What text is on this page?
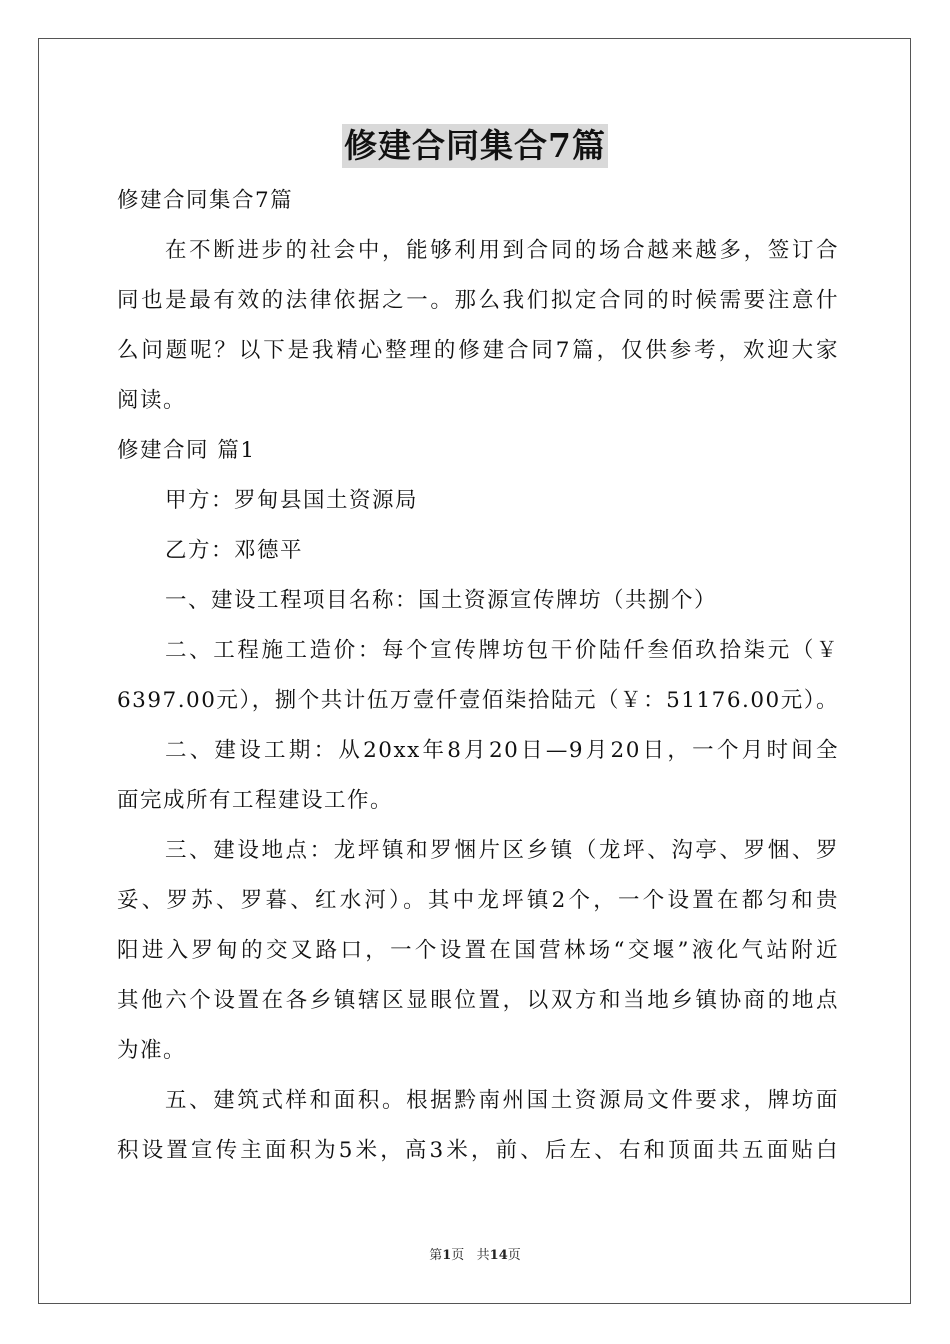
修建合同集合7篇
修建合同集合7篇
在不断进步的社会中，能够利用到合同的场合越来越多，签订合
同也是最有效的法律依据之一。那么我们拟定合同的时候需要注意什
么问题呢？以下是我精心整理的修建合同7篇，仅供参考，欢迎大家
阅读。
修建合同 篇1
甲方：罗甸县国土资源局
乙方：邓德平
一、建设工程项目名称：国土资源宣传牌坊（共捌个）
二、工程施工造价：每个宣传牌坊包干价陆仟叁佰玖拾柒元（￥
6397.00元），捌个共计伍万壹仟壹佰柒拾陆元（￥：51176.00元）。
二、建设工期：从20xx年8月20日—9月20日，一个月时间全
面完成所有工程建设工作。
三、建设地点：龙坪镇和罗悃片区乡镇（龙坪、沟亭、罗悃、罗
妥、罗苏、罗暮、红水河）。其中龙坪镇2个，一个设置在都匀和贵
阳进入罗甸的交叉路口，一个设置在国营林场“交堰”液化气站附近
其他六个设置在各乡镇辖区显眼位置，以双方和当地乡镇协商的地点
为准。
五、建筑式样和面积。根据黔南州国土资源局文件要求，牌坊面
积设置宣传主面积为5米，高3米，前、后左、右和顶面共五面贴白
第1页   共14页
